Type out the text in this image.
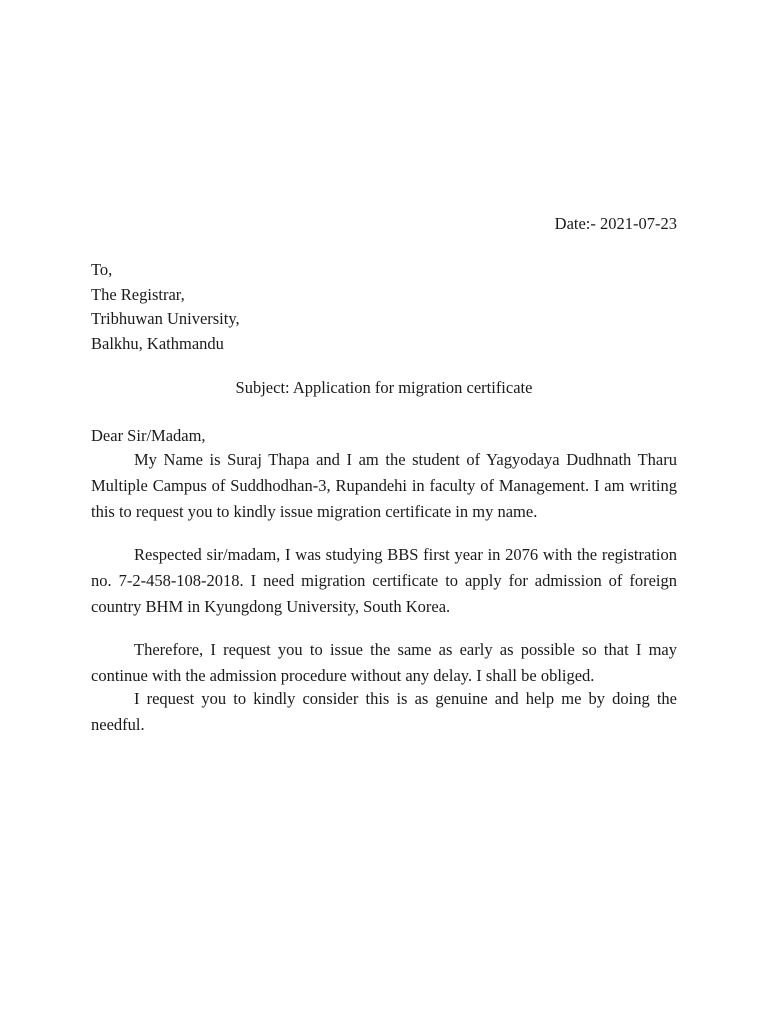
Date:- 2021-07-23
To,
The Registrar,
Tribhuwan University,
Balkhu, Kathmandu
Subject: Application for migration certificate
Dear Sir/Madam,

My Name is Suraj Thapa and I am the student of Yagyodaya Dudhnath Tharu Multiple Campus of Suddhodhan-3, Rupandehi in faculty of Management. I am writing this to request you to kindly issue migration certificate in my name.

Respected sir/madam, I was studying BBS first year in 2076 with the registration no. 7-2-458-108-2018. I need migration certificate to apply for admission of foreign country BHM in Kyungdong University, South Korea.

Therefore, I request you to issue the same as early as possible so that I may continue with the admission procedure without any delay. I shall be obliged.

I request you to kindly consider this is as genuine and help me by doing the needful.
